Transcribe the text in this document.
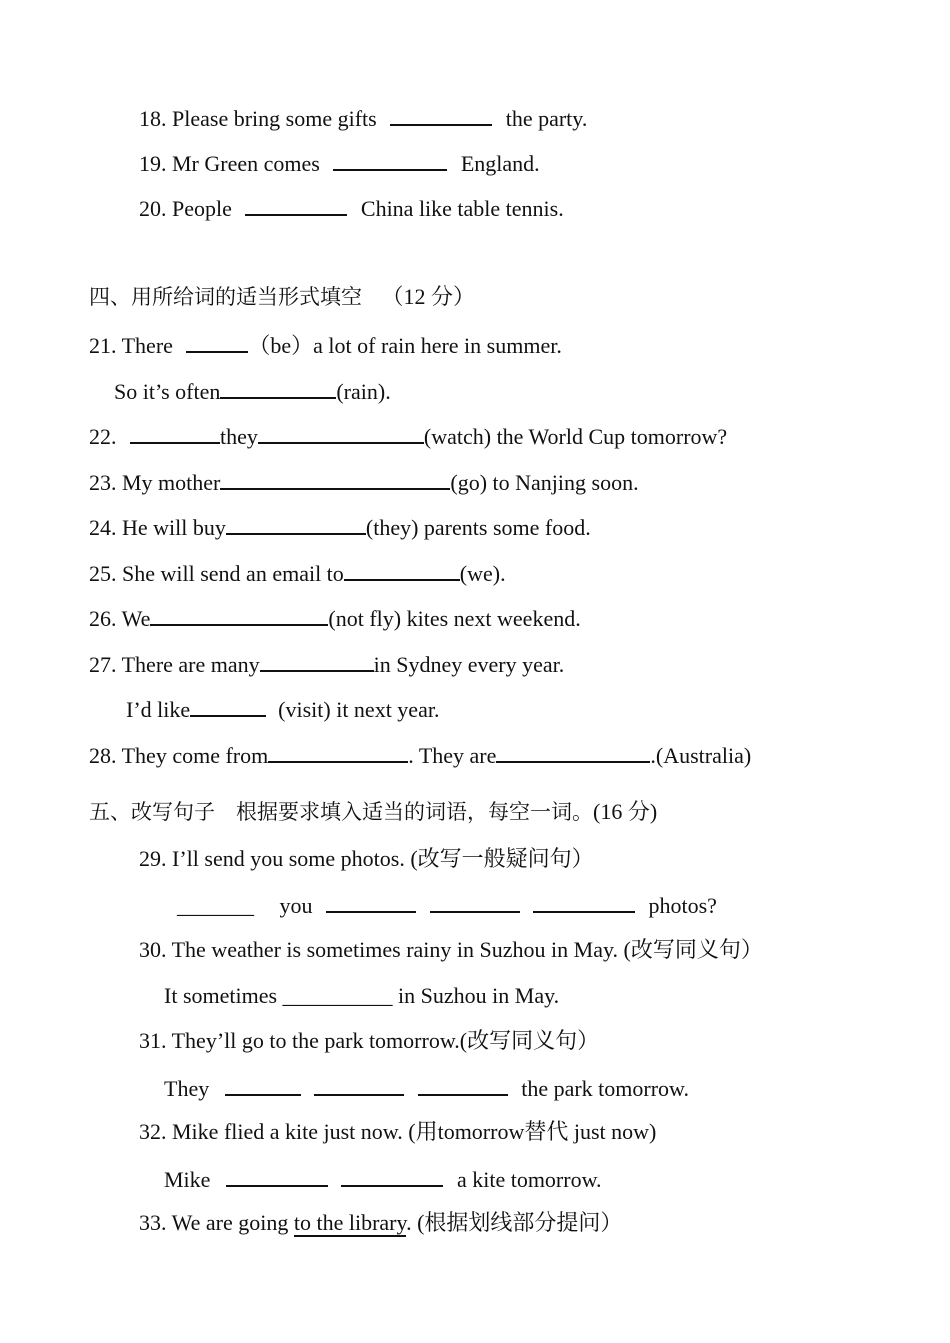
18. Please bring some gifts	the party.
19. Mr Green comes	England.
20. People	China like table tennis.
四、用所给词的适当形式填空 （12 分）
21. There	（be）a lot of rain here in summer.
So it’s often	(rain).
22.	they	(watch) the World Cup tomorrow?
23. My mother	(go) to Nanjing soon.
24. He will buy	(they) parents some food.
25. She will send an email to	(we).
26. We	(not fly) kites next weekend.
27. There are many	in Sydney every year.
I’d like	(visit) it next year.
28. They come from	. They are	.(Australia)
五、改写句子　根据要求填入适当的词语，每空一词。(16 分)
29. I’ll send you some photos. (改写一般疑问句）
_______ you	photos?
30. The weather is sometimes rainy in Suzhou in May. (改写同义句）
It sometimes __________ in Suzhou in May.
31. They’ll go to the park tomorrow.(改写同义句）
They	the park tomorrow.
32. Mike flied a kite just now. (用tomorrow替代 just now)
Mike	a kite tomorrow.
33. We are going to the library. (根据划线部分提问）
